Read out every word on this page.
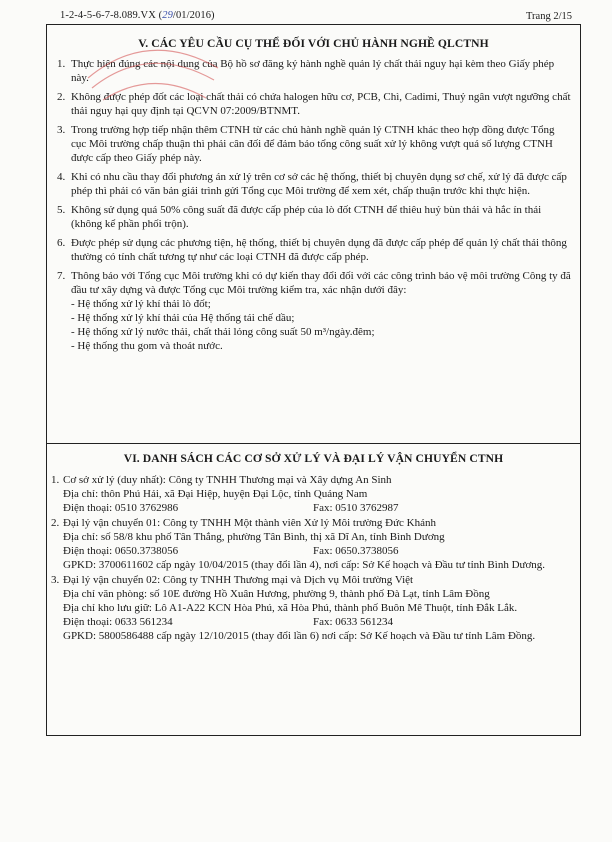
1-2-4-5-6-7-8.089.VX (29/01/2016)	Trang 2/15
V. CÁC YÊU CẦU CỤ THỂ ĐỐI VỚI CHỦ HÀNH NGHỀ QLCTNH
1. Thực hiện đúng các nội dung của Bộ hồ sơ đăng ký hành nghề quản lý chất thải nguy hại kèm theo Giấy phép này.
2. Không được phép đốt các loại chất thải có chứa halogen hữu cơ, PCB, Chì, Cadimi, Thuỷ ngân vượt ngưỡng chất thải nguy hại quy định tại QCVN 07:2009/BTNMT.
3. Trong trường hợp tiếp nhận thêm CTNH từ các chủ hành nghề quản lý CTNH khác theo hợp đồng được Tổng cục Môi trường chấp thuận thì phải cân đối để đảm bảo tổng công suất xử lý không vượt quá số lượng CTNH được cấp theo Giấy phép này.
4. Khi có nhu cầu thay đổi phương án xử lý trên cơ sở các hệ thống, thiết bị chuyên dụng sơ chế, xử lý đã được cấp phép thì phải có văn bản giải trình gửi Tổng cục Môi trường để xem xét, chấp thuận trước khi thực hiện.
5. Không sử dụng quá 50% công suất đã được cấp phép của lò đốt CTNH để thiêu huỷ bùn thải và hắc ín thải (không kể phần phối trộn).
6. Được phép sử dụng các phương tiện, hệ thống, thiết bị chuyên dụng đã được cấp phép để quản lý chất thải thông thường có tính chất tương tự như các loại CTNH đã được cấp phép.
7. Thông báo với Tổng cục Môi trường khi có dự kiến thay đổi đối với các công trình bảo vệ môi trường Công ty đã đầu tư xây dựng và được Tổng cục Môi trường kiểm tra, xác nhận dưới đây:
- Hệ thống xử lý khí thải lò đốt;
- Hệ thống xử lý khí thải của Hệ thống tái chế dầu;
- Hệ thống xử lý nước thải, chất thải lỏng công suất 50 m³/ngày.đêm;
- Hệ thống thu gom và thoát nước.
VI. DANH SÁCH CÁC CƠ SỞ XỬ LÝ VÀ ĐẠI LÝ VẬN CHUYỂN CTNH
1. Cơ sở xử lý (duy nhất): Công ty TNHH Thương mại và Xây dựng An Sinh
Địa chỉ: thôn Phú Hải, xã Đại Hiệp, huyện Đại Lộc, tỉnh Quảng Nam
Điện thoại: 0510 3762986	Fax: 0510 3762987
2. Đại lý vận chuyển 01: Công ty TNHH Một thành viên Xử lý Môi trường Đức Khánh
Địa chỉ: số 58/8 khu phố Tân Thắng, phường Tân Bình, thị xã Dĩ An, tỉnh Bình Dương
Điện thoại: 0650.3738056	Fax: 0650.3738056
GPKD: 3700611602 cấp ngày 10/04/2015 (thay đổi lần 4), nơi cấp: Sở Kế hoạch và Đầu tư tỉnh Bình Dương.
3. Đại lý vận chuyển 02: Công ty TNHH Thương mại và Dịch vụ Môi trường Việt
Địa chỉ văn phòng: số 10E đường Hồ Xuân Hương, phường 9, thành phố Đà Lạt, tỉnh Lâm Đồng
Địa chỉ kho lưu giữ: Lô A1-A22 KCN Hòa Phú, xã Hòa Phú, thành phố Buôn Mê Thuột, tỉnh Đắk Lắk.
Điện thoại: 0633 561234	Fax: 0633 561234
GPKD: 5800586488 cấp ngày 12/10/2015 (thay đổi lần 6) nơi cấp: Sở Kế hoạch và Đầu tư tỉnh Lâm Đồng.
